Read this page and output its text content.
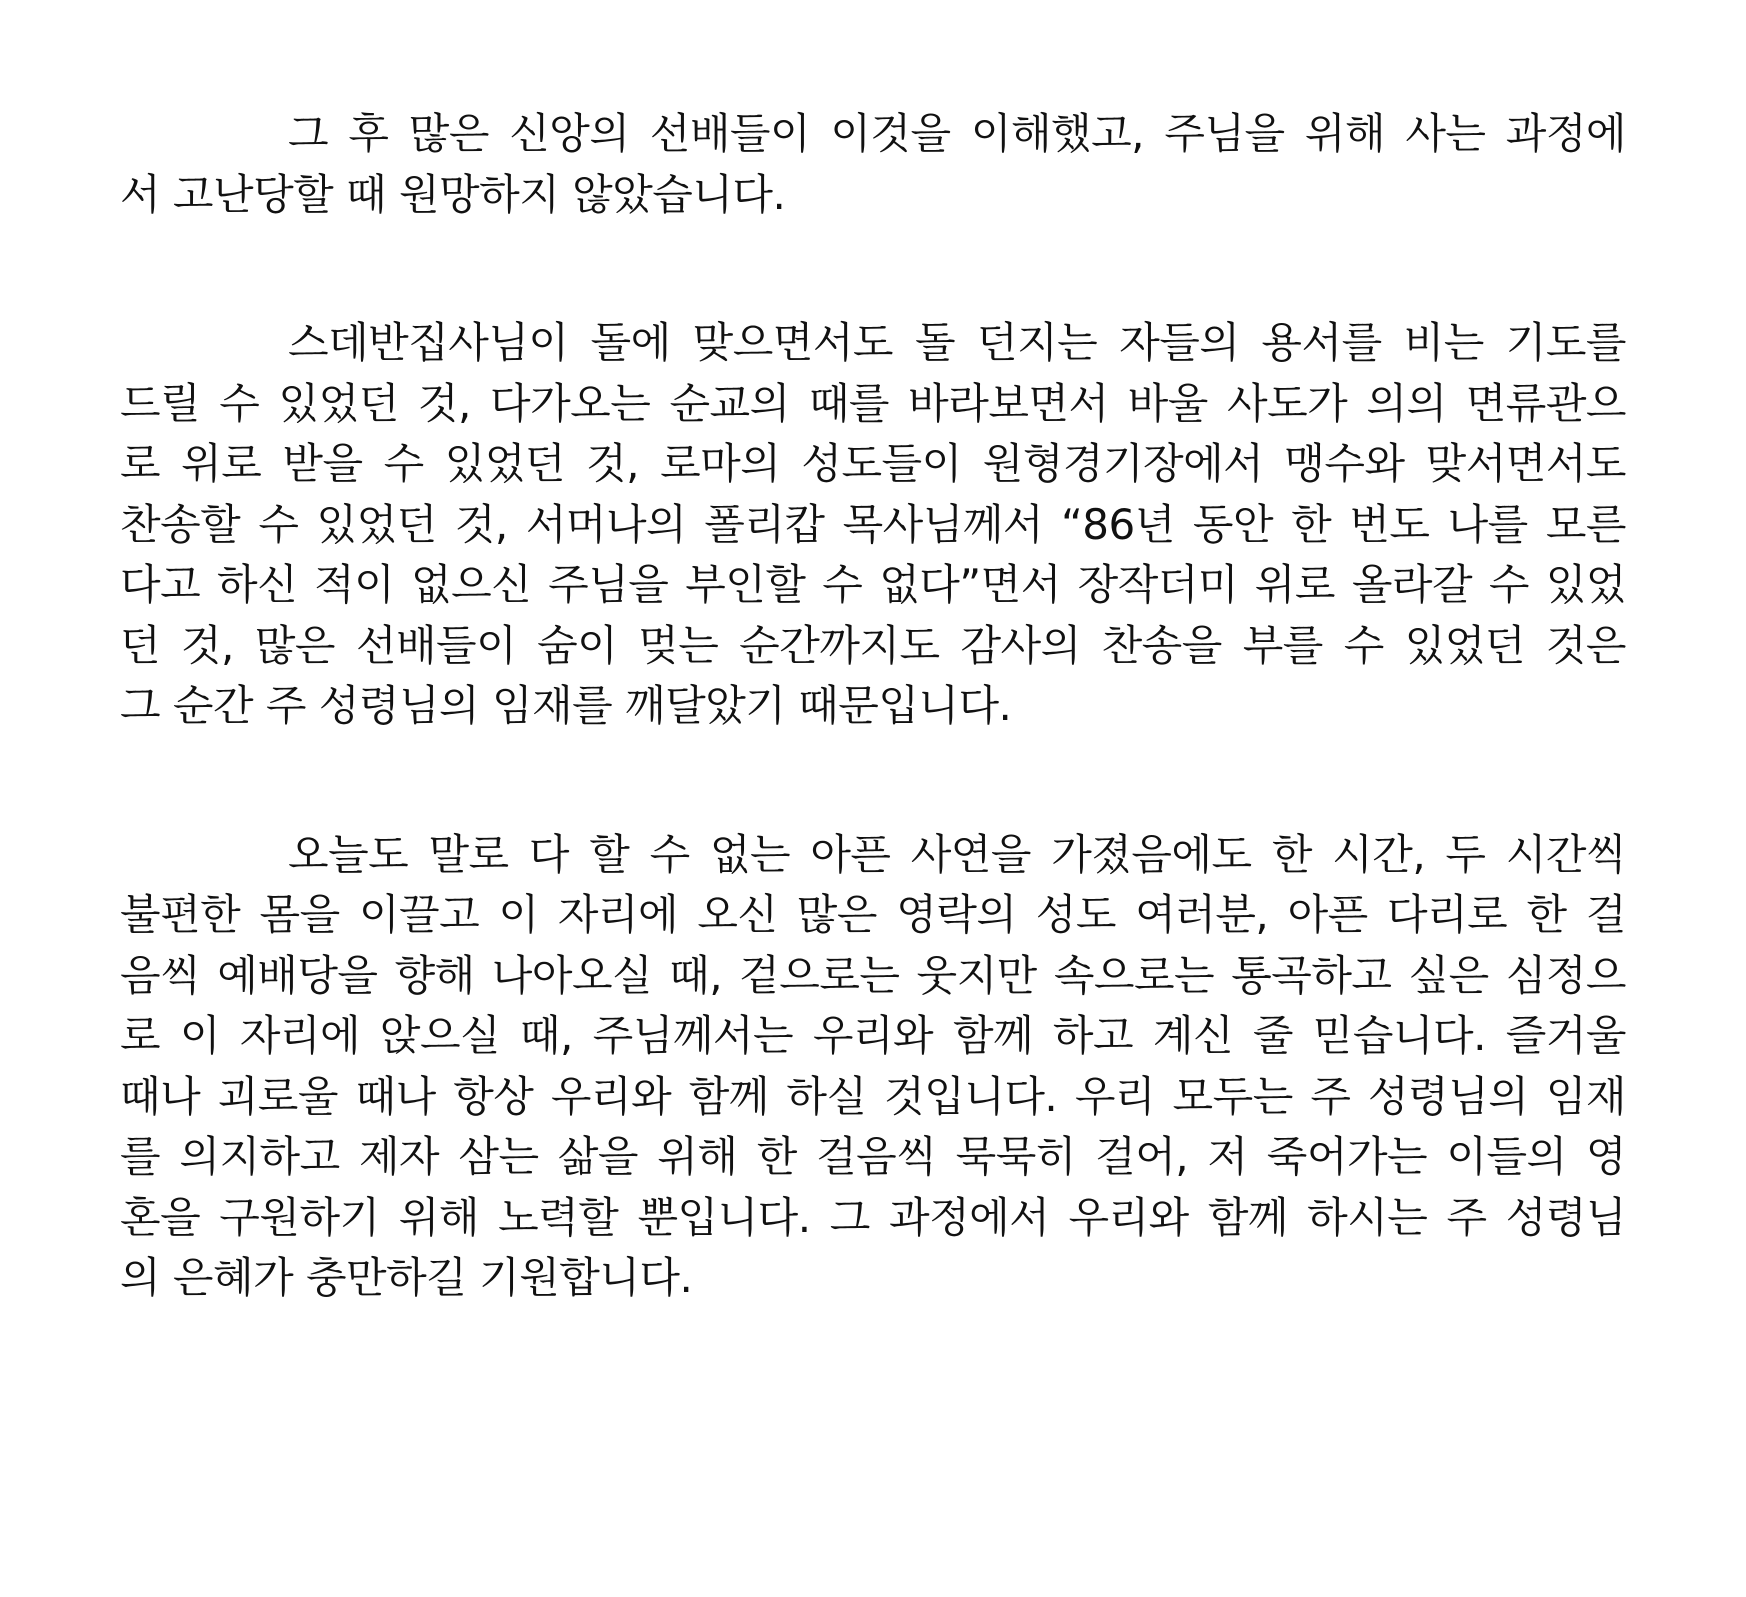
그 후 많은 신앙의 선배들이 이것을 이해했고, 주님을 위해 사는 과정에
서 고난당할 때 원망하지 않았습니다.
스데반집사님이 돌에 맞으면서도 돌 던지는 자들의 용서를 비는 기도를
드릴 수 있었던 것, 다가오는 순교의 때를 바라보면서 바울 사도가 의의 면류관으
로 위로 받을 수 있었던 것, 로마의 성도들이 원형경기장에서 맹수와 맞서면서도
찬송할 수 있었던 것, 서머나의 폴리캅 목사님께서 “86년 동안 한 번도 나를 모른
다고 하신 적이 없으신 주님을 부인할 수 없다”면서 장작더미 위로 올라갈 수 있었
던 것, 많은 선배들이 숨이 멎는 순간까지도 감사의 찬송을 부를 수 있었던 것은
그 순간 주 성령님의 임재를 깨달았기 때문입니다.
오늘도 말로 다 할 수 없는 아픈 사연을 가졌음에도 한 시간, 두 시간씩
불편한 몸을 이끌고 이 자리에 오신 많은 영락의 성도 여러분, 아픈 다리로 한 걸
음씩 예배당을 향해 나아오실 때, 겉으로는 웃지만 속으로는 통곡하고 싶은 심정으
로 이 자리에 앉으실 때, 주님께서는 우리와 함께 하고 계신 줄 믿습니다. 즐거울
때나 괴로울 때나 항상 우리와 함께 하실 것입니다. 우리 모두는 주 성령님의 임재
를 의지하고 제자 삼는 삶을 위해 한 걸음씩 묵묵히 걸어, 저 죽어가는 이들의 영
혼을 구원하기 위해 노력할 뿐입니다. 그 과정에서 우리와 함께 하시는 주 성령님
의 은혜가 충만하길 기원합니다.
